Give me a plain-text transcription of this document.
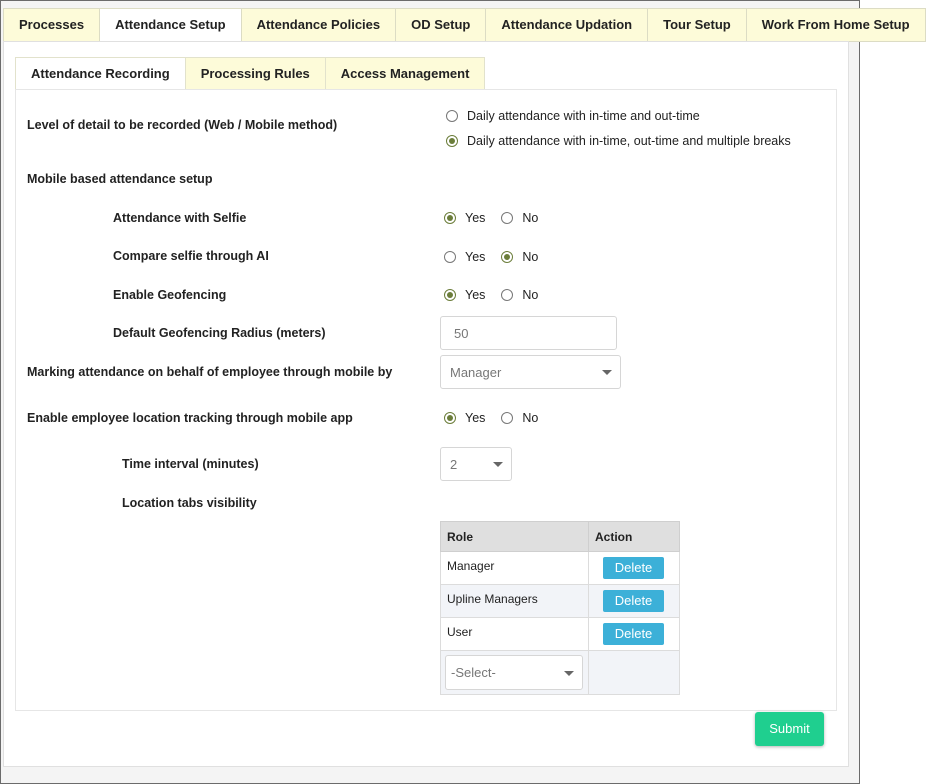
Processes	Attendance Setup	Attendance Policies	OD Setup	Attendance Updation	Tour Setup	Work From Home Setup
Attendance Recording	Processing Rules	Access Management
Level of detail to be recorded (Web / Mobile method)
Daily attendance with in-time and out-time
Daily attendance with in-time, out-time and multiple breaks
Mobile based attendance setup
Attendance with Selfie	Yes	No
Compare selfie through AI	Yes	No
Enable Geofencing	Yes	No
Default Geofencing Radius (meters)	50
Marking attendance on behalf of employee through mobile by	Manager
Enable employee location tracking through mobile app	Yes	No
Time interval (minutes)	2
Location tabs visibility
Role	Action
Manager	Delete
Upline Managers	Delete
User	Delete

-Select-	

Submit
